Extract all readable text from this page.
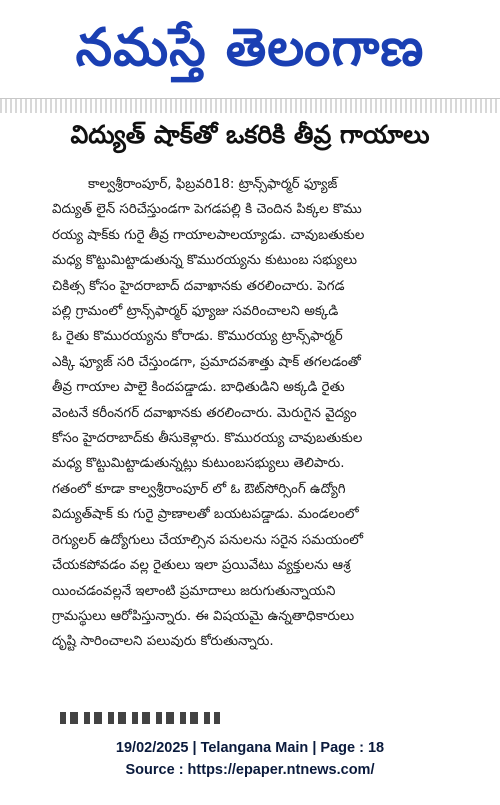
నమస్తే తెలంగాణ
విద్యుత్ షాక్‌తో ఒకరికి తీవ్ర గాయాలు
కాల్వశ్రీరాంపూర్, ఫిబ్రవరి18: ట్రాన్స్‌ఫార్మర్ ఫ్యూజ్
విద్యుత్ లైన్ సరిచేస్తుండగా పెగడపల్లి కి చెందిన పిక్కల కొము
రయ్య షాక్‌కు గురై తీవ్ర గాయాలపాలయ్యాడు. చావుబతుకుల
మధ్య కొట్టుమిట్టాడుతున్న కొమురయ్యను కుటుంబ సభ్యులు
చికిత్స కోసం హైదరాబాద్ దవాఖానకు తరలించారు. పెగడ
పల్లి గ్రామంలో ట్రాన్స్‌ఫార్మర్ ఫ్యూజు సవరించాలని అక్కడి
ఓ రైతు కొమురయ్యను కోరాడు. కొమురయ్య ట్రాన్స్‌ఫార్మర్
ఎక్కి ఫ్యూజ్ సరి చేస్తుండగా, ప్రమాదవశాత్తు షాక్ తగలడంతో
తీవ్ర గాయాల పాలై కిందపడ్డాడు. బాధితుడిని అక్కడి రైతు
వెంటనే కరీంనగర్ దవాఖానకు తరలించారు. మెరుగైన వైద్యం
కోసం హైదరాబాద్‌కు తీసుకెళ్లారు. కొమురయ్య చావుబతుకుల
మధ్య కొట్టుమిట్టాడుతున్నట్లు కుటుంబసభ్యులు తెలిపారు.
గతంలో కూడా కాల్వశ్రీరాంపూర్ లో ఓ ఔట్‌సోర్సింగ్ ఉద్యోగి
విద్యుత్‌షాక్ కు గురై ప్రాణాలతో బయటపడ్డాడు. మండలంలో
రెగ్యులర్ ఉద్యోగులు చేయాల్సిన పనులను సరైన సమయంలో
చేయకపోవడం వల్ల రైతులు ఇలా ప్రయివేటు వ్యక్తులను ఆశ్ర
యించడంవల్లనే ఇలాంటి ప్రమాదాలు జరుగుతున్నాయని
గ్రామస్థులు ఆరోపిస్తున్నారు. ఈ విషయమై ఉన్నతాధికారులు
దృష్టి సారించాలని పలువురు కోరుతున్నారు.
19/02/2025 | Telangana Main | Page : 18
Source : https://epaper.ntnews.com/
